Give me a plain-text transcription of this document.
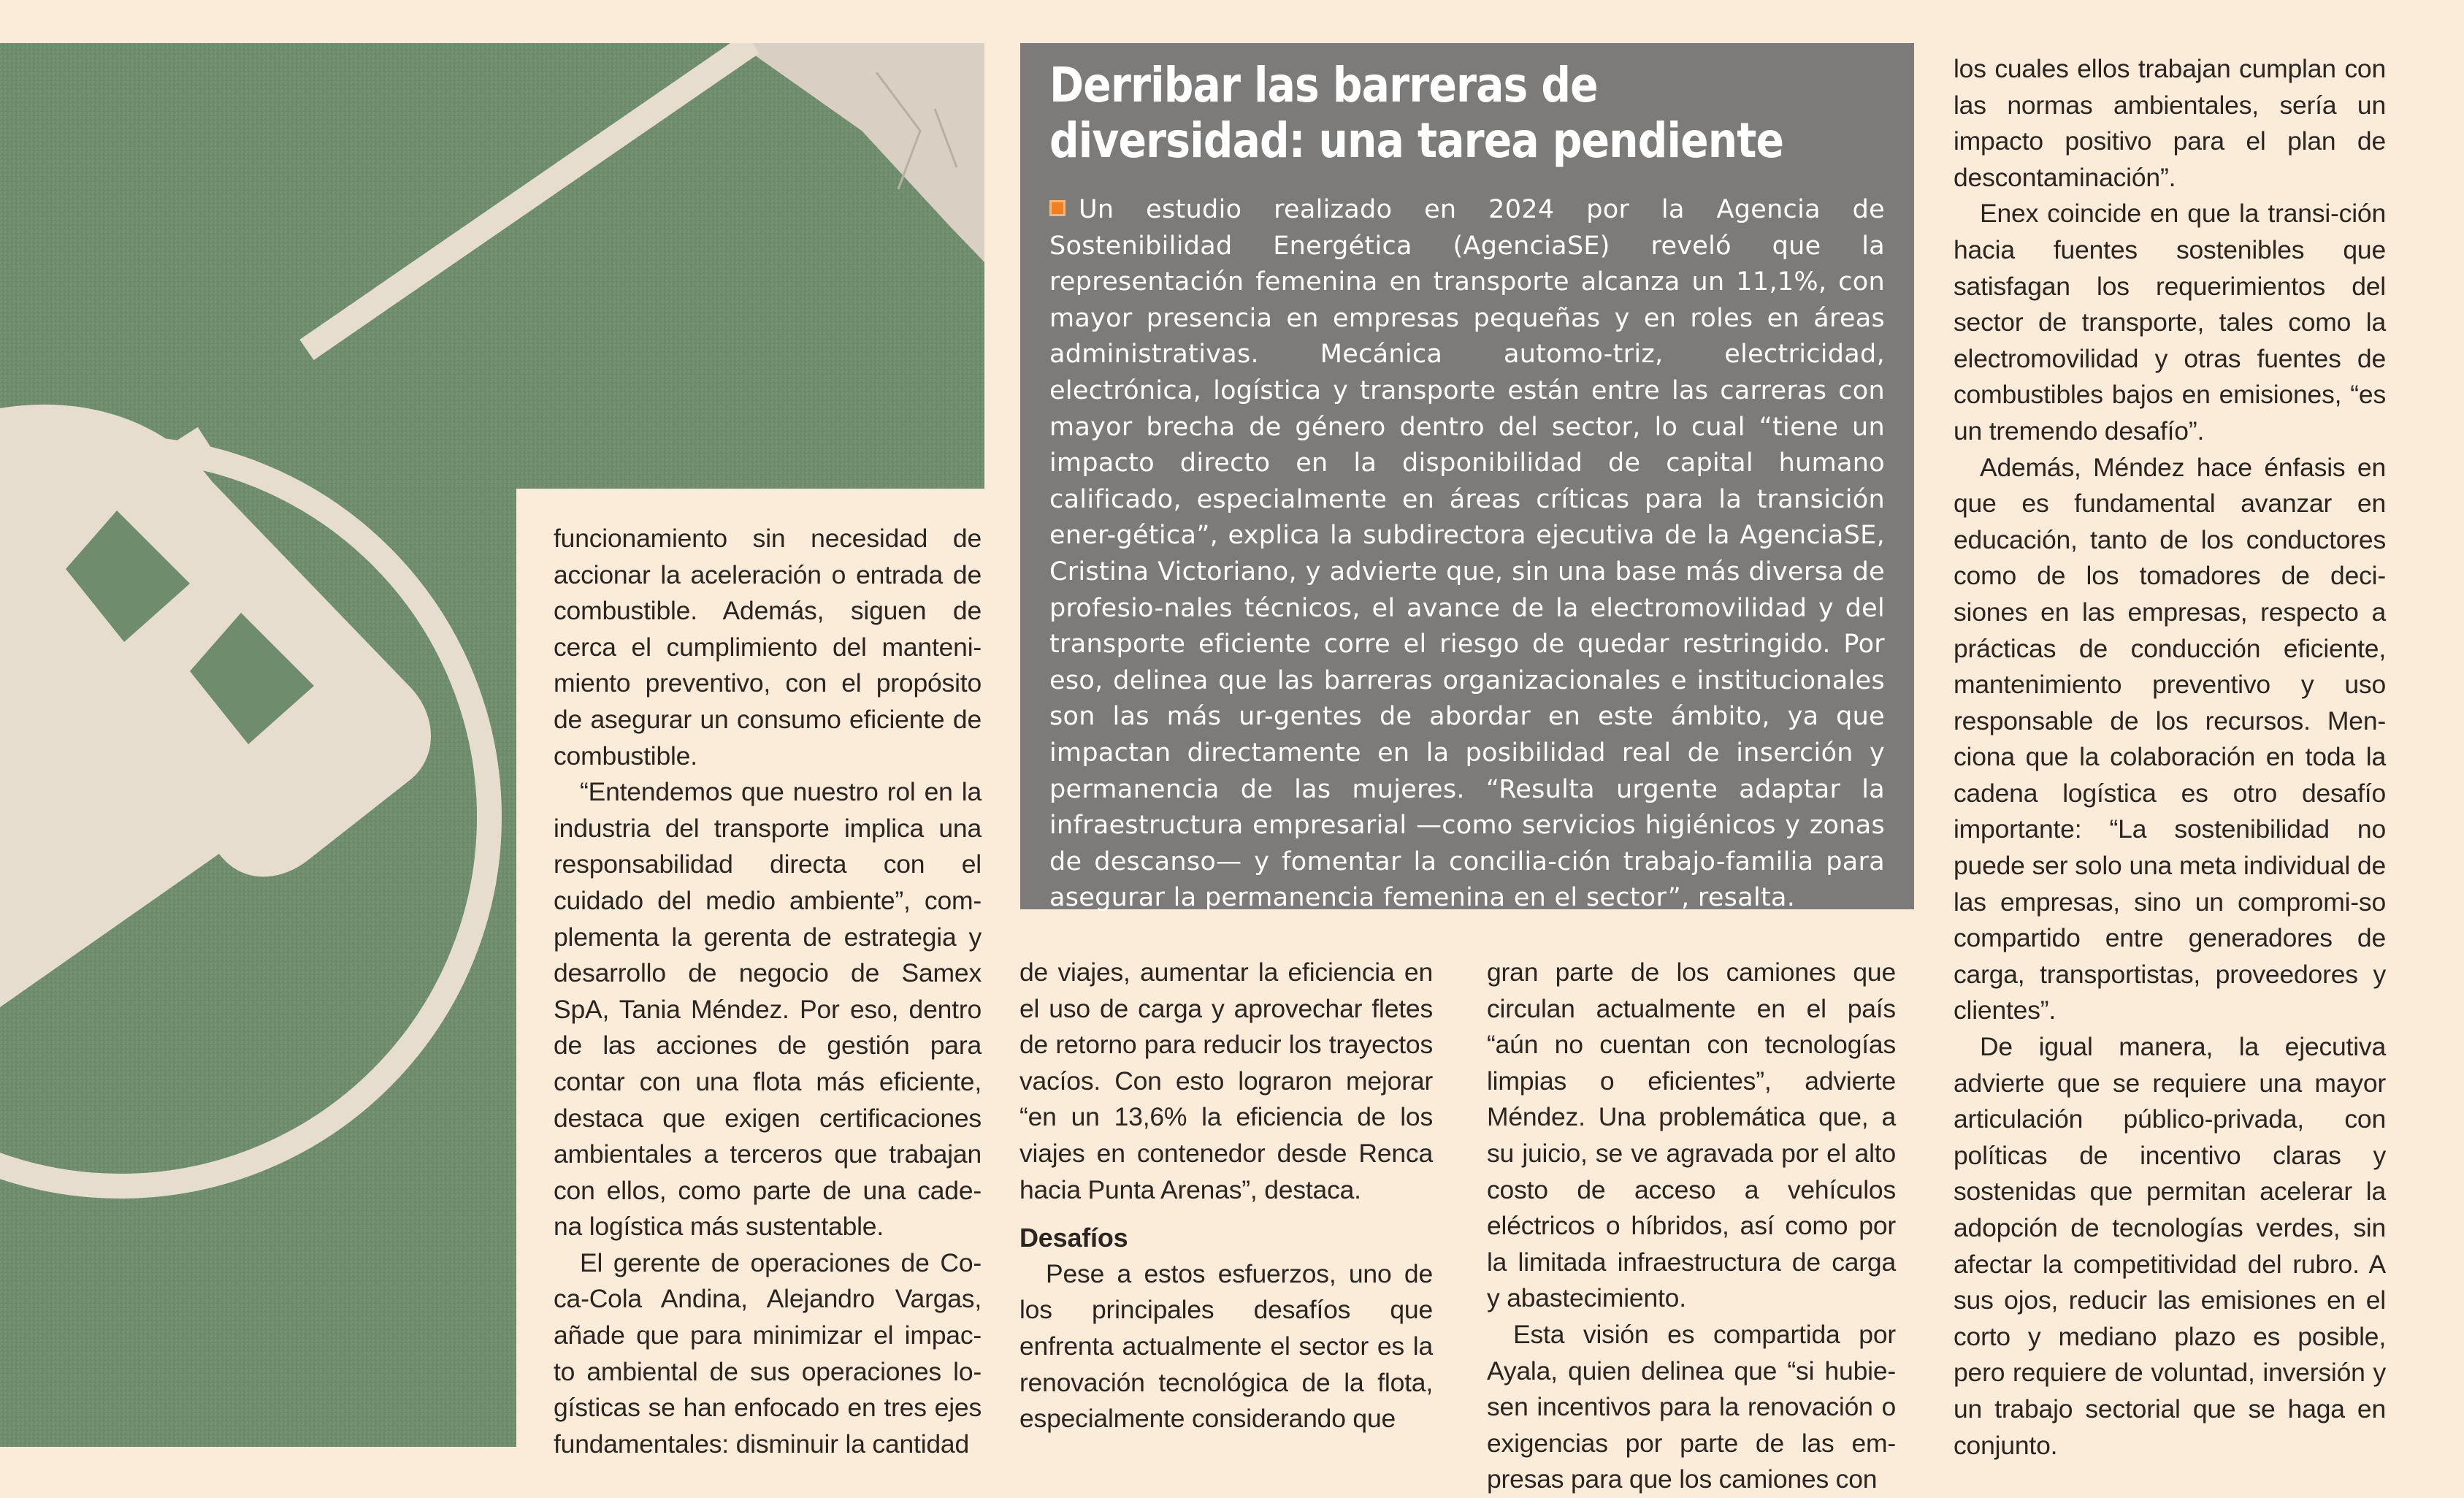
funcionamiento sin necesidad de accionar la aceleración o entrada de combustible. Además, siguen de cerca el cumplimiento del manteni-miento preventivo, con el propósito de asegurar un consumo eficiente de combustible.

“Entendemos que nuestro rol en la industria del transporte implica una responsabilidad directa con el cuidado del medio ambiente”, com-plementa la gerenta de estrategia y desarrollo de negocio de Samex SpA, Tania Méndez. Por eso, dentro de las acciones de gestión para contar con una flota más eficiente, destaca que exigen certificaciones ambientales a terceros que trabajan con ellos, como parte de una cade-na logística más sustentable.

El gerente de operaciones de Co-ca-Cola Andina, Alejandro Vargas, añade que para minimizar el impac-to ambiental de sus operaciones lo-gísticas se han enfocado en tres ejes fundamentales: disminuir la cantidad

Derribar las barreras de diversidad: una tarea pendiente

Un estudio realizado en 2024 por la Agencia de Sostenibilidad Energética (AgenciaSE) reveló que la representación femenina en transporte alcanza un 11,1%, con mayor presencia en empresas pequeñas y en roles en áreas administrativas. Mecánica automo-triz, electricidad, electrónica, logística y transporte están entre las carreras con mayor brecha de género dentro del sector, lo cual “tiene un impacto directo en la disponibilidad de capital humano calificado, especialmente en áreas críticas para la transición ener-gética”, explica la subdirectora ejecutiva de la AgenciaSE, Cristina Victoriano, y advierte que, sin una base más diversa de profesio-nales técnicos, el avance de la electromovilidad y del transporte eficiente corre el riesgo de quedar restringido. Por eso, delinea que las barreras organizacionales e institucionales son las más ur-gentes de abordar en este ámbito, ya que impactan directamente en la posibilidad real de inserción y permanencia de las mujeres. “Resulta urgente adaptar la infraestructura empresarial —como servicios higiénicos y zonas de descanso— y fomentar la concilia-ción trabajo-familia para asegurar la permanencia femenina en el sector”, resalta.

de viajes, aumentar la eficiencia en el uso de carga y aprovechar fletes de retorno para reducir los trayectos vacíos. Con esto lograron mejorar “en un 13,6% la eficiencia de los viajes en contenedor desde Renca hacia Punta Arenas”, destaca.

Desafíos

Pese a estos esfuerzos, uno de los principales desafíos que enfrenta actualmente el sector es la renovación tecnológica de la flota, especialmente considerando que

gran parte de los camiones que circulan actualmente en el país “aún no cuentan con tecnologías limpias o eficientes”, advierte Méndez. Una problemática que, a su juicio, se ve agravada por el alto costo de acceso a vehículos eléctricos o híbridos, así como por la limitada infraestructura de carga y abastecimiento.

Esta visión es compartida por Ayala, quien delinea que “si hubie-sen incentivos para la renovación o exigencias por parte de las em-presas para que los camiones con

los cuales ellos trabajan cumplan con las normas ambientales, sería un impacto positivo para el plan de descontaminación”.

Enex coincide en que la transi-ción hacia fuentes sostenibles que satisfagan los requerimientos del sector de transporte, tales como la electromovilidad y otras fuentes de combustibles bajos en emisiones, “es un tremendo desafío”.

Además, Méndez hace énfasis en que es fundamental avanzar en educación, tanto de los conductores como de los tomadores de deci-siones en las empresas, respecto a prácticas de conducción eficiente, mantenimiento preventivo y uso responsable de los recursos. Men-ciona que la colaboración en toda la cadena logística es otro desafío importante: “La sostenibilidad no puede ser solo una meta individual de las empresas, sino un compromi-so compartido entre generadores de carga, transportistas, proveedores y clientes”.

De igual manera, la ejecutiva advierte que se requiere una mayor articulación público-privada, con políticas de incentivo claras y sostenidas que permitan acelerar la adopción de tecnologías verdes, sin afectar la competitividad del rubro. A sus ojos, reducir las emisiones en el corto y mediano plazo es posible, pero requiere de voluntad, inversión y un trabajo sectorial que se haga en conjunto.
